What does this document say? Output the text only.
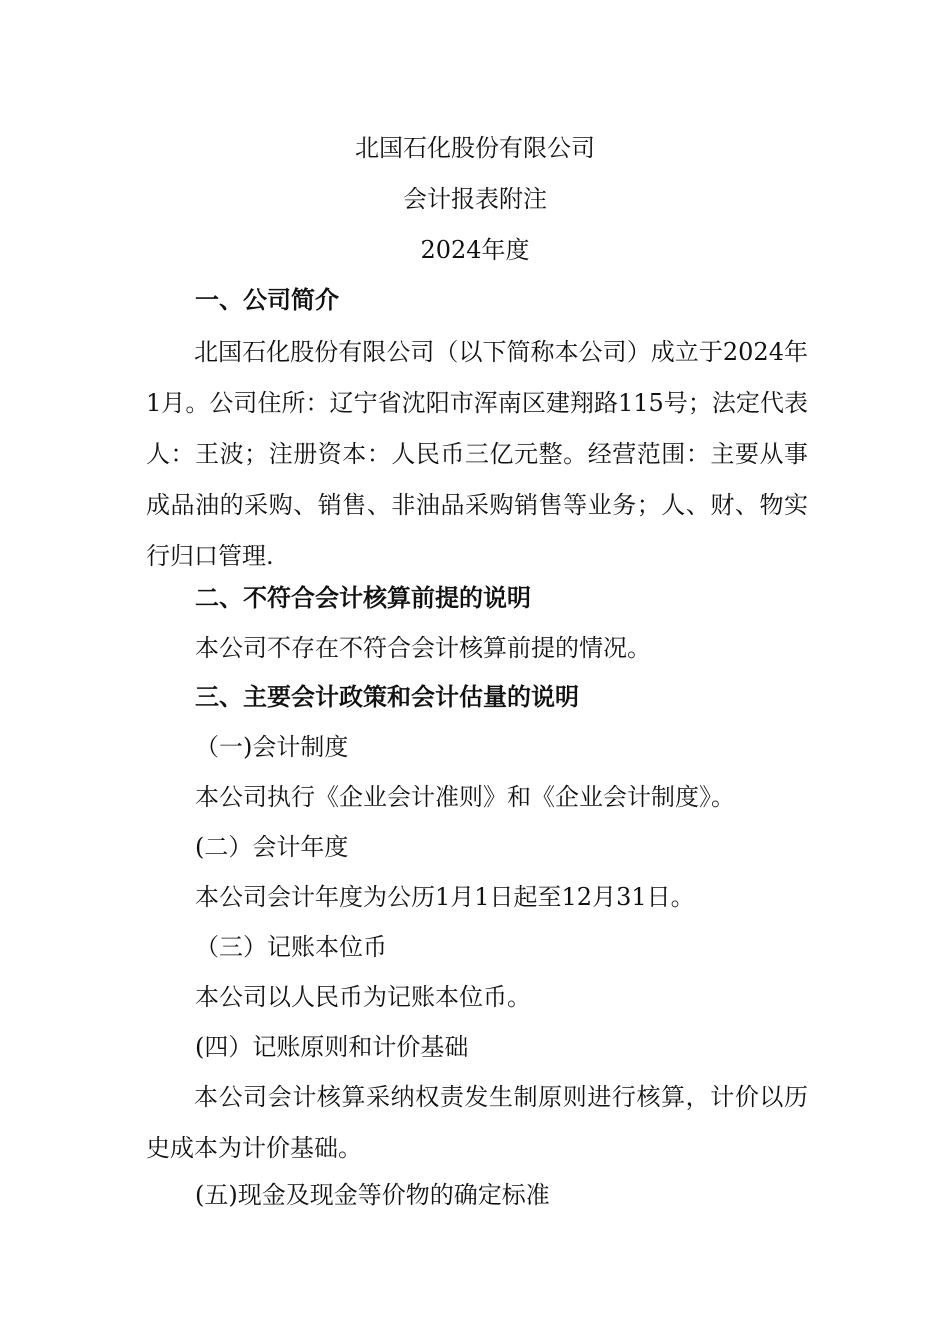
北国石化股份有限公司
会计报表附注
2024年度
一、公司简介
北国石化股份有限公司（以下简称本公司）成立于2024年1月。公司住所：辽宁省沈阳市浑南区建翔路115号；法定代表人：王波；注册资本：人民币三亿元整。经营范围：主要从事成品油的采购、销售、非油品采购销售等业务；人、财、物实行归口管理.
二、不符合会计核算前提的说明
本公司不存在不符合会计核算前提的情况。
三、主要会计政策和会计估量的说明
（一)会计制度
本公司执行《企业会计准则》和《企业会计制度》。
(二）会计年度
本公司会计年度为公历1月1日起至12月31日。
（三）记账本位币
本公司以人民币为记账本位币。
(四）记账原则和计价基础
本公司会计核算采纳权责发生制原则进行核算，计价以历史成本为计价基础。
(五)现金及现金等价物的确定标准
